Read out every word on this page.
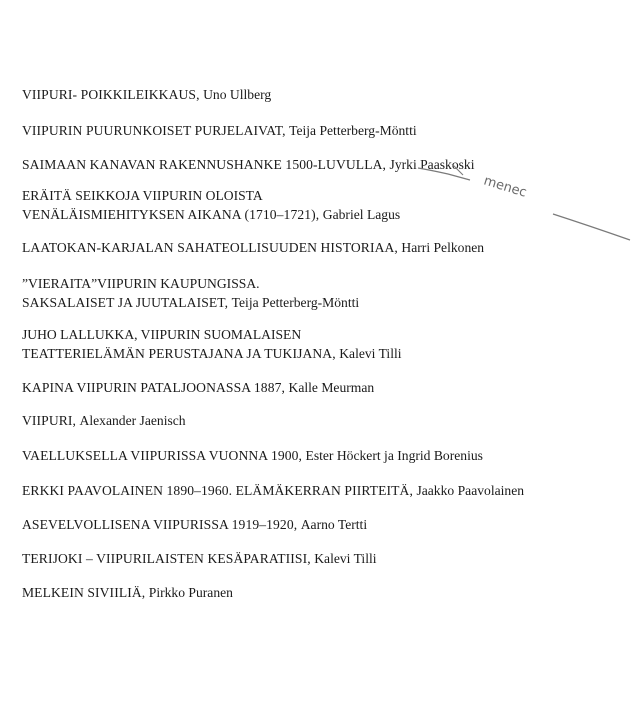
VIIPURI- POIKKILEIKKAUS, Uno Ullberg

VIIPURIN PUURUNKOISET PURJELAIVAT, Teija Petterberg-Möntti

SAIMAAN KANAVAN RAKENNUSHANKE 1500-LUVULLA, Jyrki Paaskoski

ERÄITÄ SEIKKOJA VIIPURIN OLOISTA
VENÄLÄISMIEHITYKSEN AIKANA (1710–1721), Gabriel Lagus

LAATOKAN-KARJALAN SAHATEOLLISUUDEN HISTORIAA, Harri Pelkonen

”VIERAITA”VIIPURIN KAUPUNGISSA.
SAKSALAISET JA JUUTALAISET, Teija Petterberg-Möntti

JUHO LALLUKKA, VIIPURIN SUOMALAISEN
TEATTERIELÄMÄN PERUSTAJANA JA TUKIJANA, Kalevi Tilli

KAPINA VIIPURIN PATALJOONASSA 1887, Kalle Meurman

VIIPURI, Alexander Jaenisch

VAELLUKSELLA VIIPURISSA VUONNA 1900, Ester Höckert ja Ingrid Borenius

ERKKI PAAVOLAINEN 1890–1960. ELÄMÄKERRAN PIIRTEITÄ, Jaakko Paavolainen

ASEVELVOLLISENA VIIPURISSA 1919–1920, Aarno Tertti

TERIJOKI – VIIPURILAISTEN KESÄPARATIISI, Kalevi Tilli

MELKEIN SIVIILIÄ, Pirkko Puranen

menec
